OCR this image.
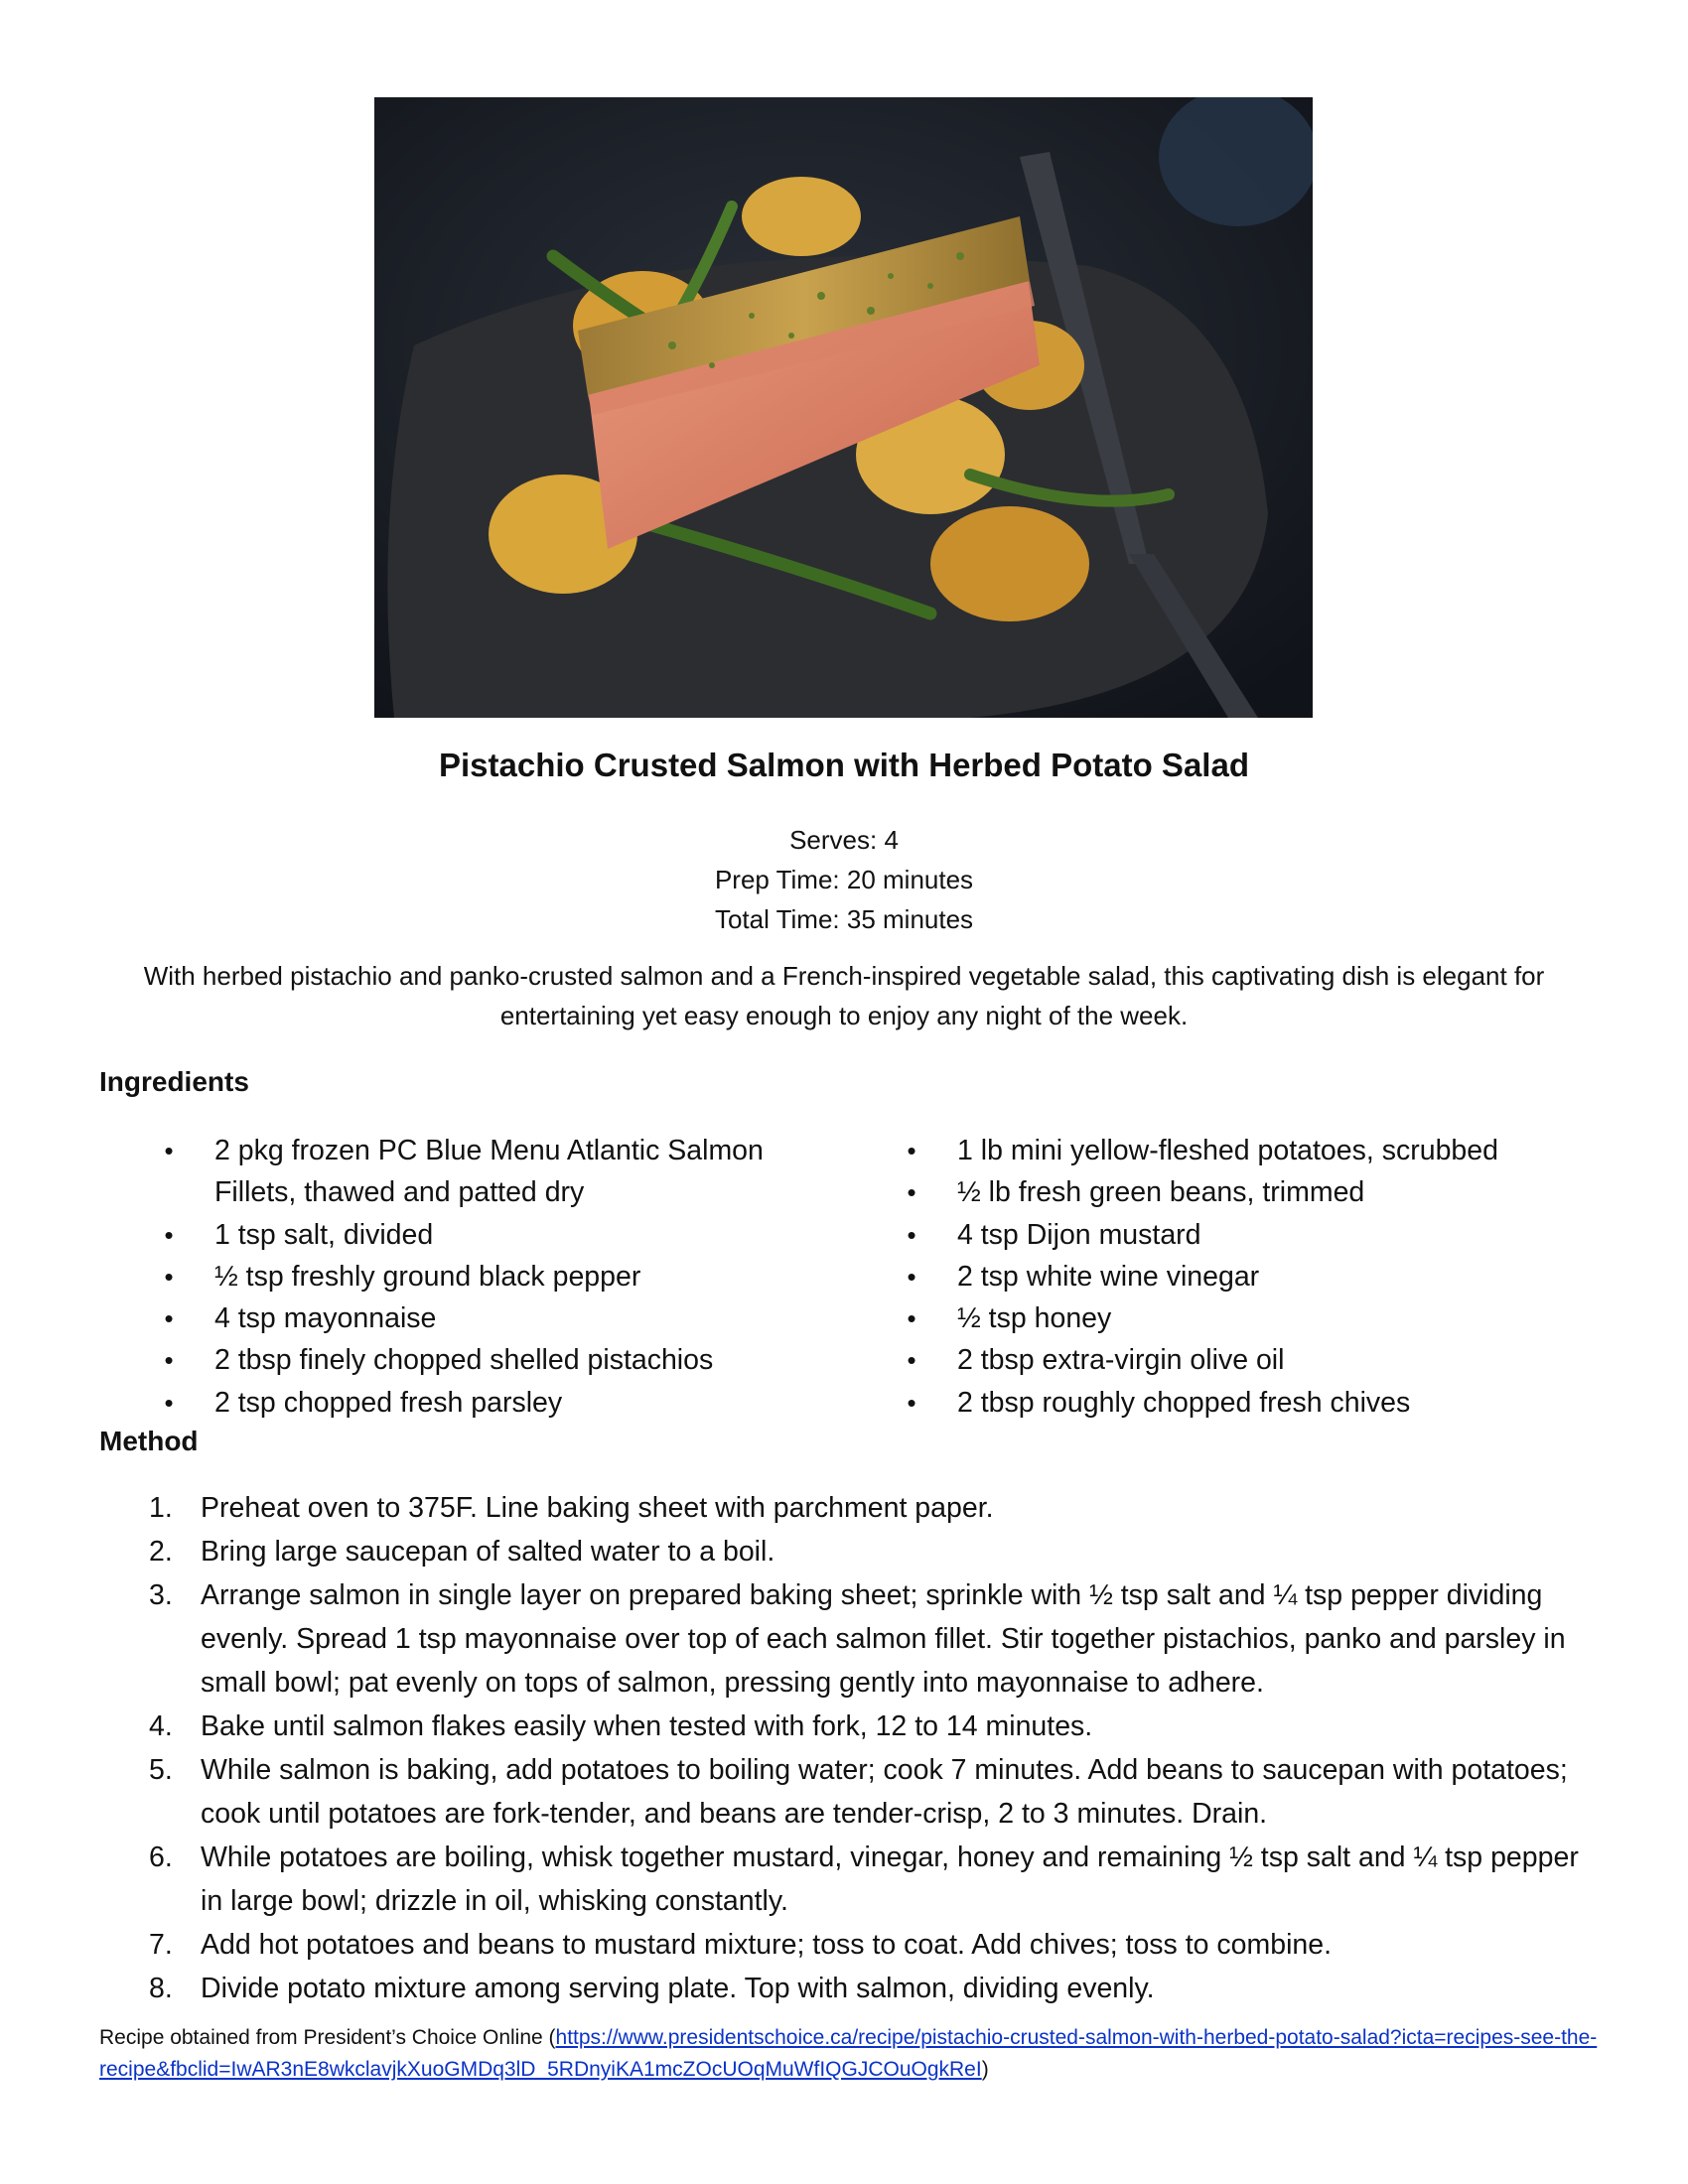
Pistachio Crusted Salmon with Herbed Potato Salad
Serves: 4
Prep Time: 20 minutes
Total Time: 35 minutes
With herbed pistachio and panko-crusted salmon and a French-inspired vegetable salad, this captivating dish is elegant for entertaining yet easy enough to enjoy any night of the week.
Ingredients
• 2 pkg frozen PC Blue Menu Atlantic Salmon Fillets, thawed and patted dry
• 1 tsp salt, divided
• ½ tsp freshly ground black pepper
• 4 tsp mayonnaise
• 2 tbsp finely chopped shelled pistachios
• 2 tsp chopped fresh parsley
• 1 lb mini yellow-fleshed potatoes, scrubbed
• ½ lb fresh green beans, trimmed
• 4 tsp Dijon mustard
• 2 tsp white wine vinegar
• ½ tsp honey
• 2 tbsp extra-virgin olive oil
• 2 tbsp roughly chopped fresh chives
Method
1. Preheat oven to 375F. Line baking sheet with parchment paper.
2. Bring large saucepan of salted water to a boil.
3. Arrange salmon in single layer on prepared baking sheet; sprinkle with ½ tsp salt and ¼ tsp pepper dividing evenly. Spread 1 tsp mayonnaise over top of each salmon fillet. Stir together pistachios, panko and parsley in small bowl; pat evenly on tops of salmon, pressing gently into mayonnaise to adhere.
4. Bake until salmon flakes easily when tested with fork, 12 to 14 minutes.
5. While salmon is baking, add potatoes to boiling water; cook 7 minutes. Add beans to saucepan with potatoes; cook until potatoes are fork-tender, and beans are tender-crisp, 2 to 3 minutes. Drain.
6. While potatoes are boiling, whisk together mustard, vinegar, honey and remaining ½ tsp salt and ¼ tsp pepper in large bowl; drizzle in oil, whisking constantly.
7. Add hot potatoes and beans to mustard mixture; toss to coat. Add chives; toss to combine.
8. Divide potato mixture among serving plate. Top with salmon, dividing evenly.
Recipe obtained from President’s Choice Online (https://www.presidentschoice.ca/recipe/pistachio-crusted-salmon-with-herbed-potato-salad?icta=recipes-see-the-recipe&fbclid=IwAR3nE8wkclavjkXuoGMDq3lD_5RDnyiKA1mcZOcUOqMuWfIQGJCOuOgkReI)
